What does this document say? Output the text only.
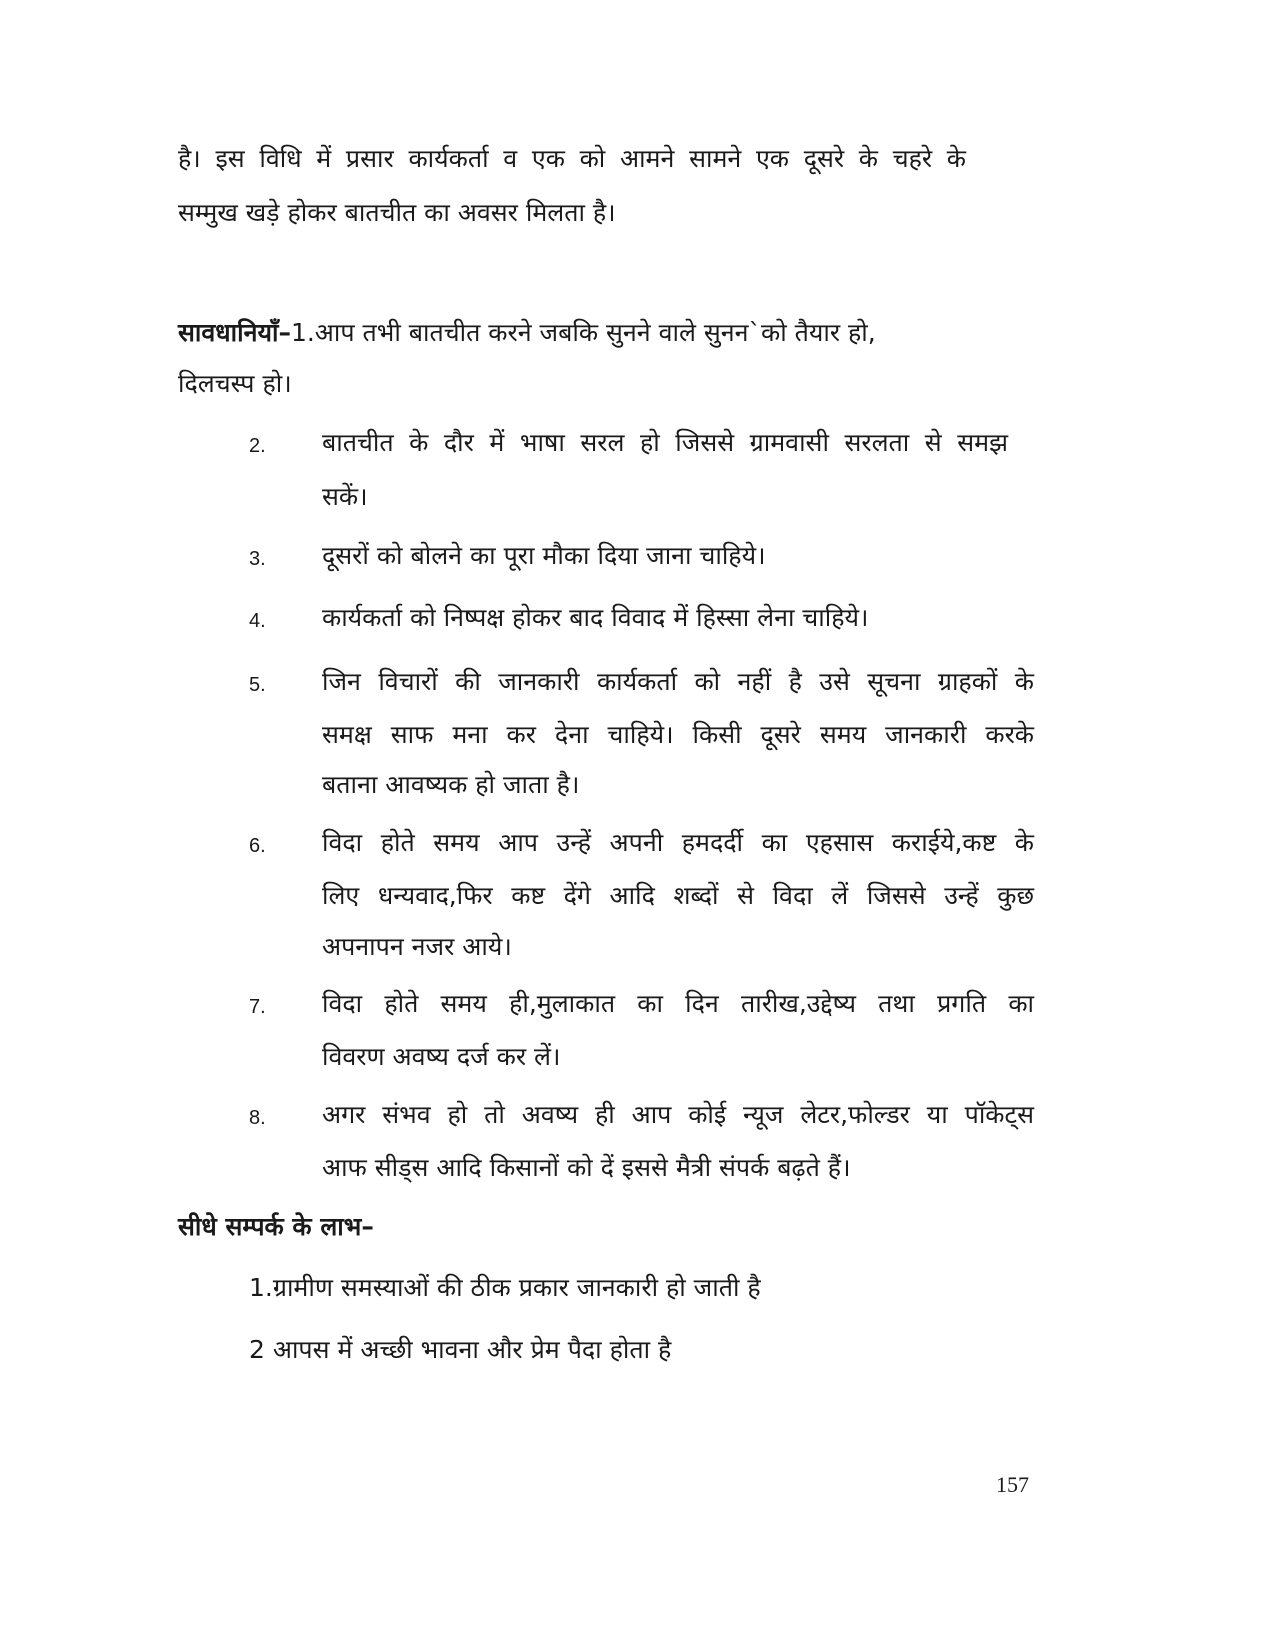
है। इस विधि में प्रसार कार्यकर्ता व एक को आमने सामने एक दूसरे के चहरे के
सम्मुख खड़े होकर बातचीत का अवसर मिलता है।
सावधानियाँ–1.आप तभी बातचीत करने जबकि सुनने वाले सुनन`को तैयार हो,
दिलचस्प हो।
2. बातचीत के दौर में भाषा सरल हो जिससे ग्रामवासी सरलता से समझ
सकें।
3. दूसरों को बोलने का पूरा मौका दिया जाना चाहिये।
4. कार्यकर्ता को निष्पक्ष होकर बाद विवाद में हिस्सा लेना चाहिये।
5. जिन विचारों की जानकारी कार्यकर्ता को नहीं है उसे सूचना ग्राहकों के
समक्ष साफ मना कर देना चाहिये। किसी दूसरे समय जानकारी करके
बताना आवष्यक हो जाता है।
6. विदा होते समय आप उन्हें अपनी हमदर्दी का एहसास कराईये,कष्ट के
लिए धन्यवाद,फिर कष्ट देंगे आदि शब्दों से विदा लें जिससे उन्हें कुछ
अपनापन नजर आये।
7. विदा होते समय ही,मुलाकात का दिन तारीख,उद्देष्य तथा प्रगति का
विवरण अवष्य दर्ज कर लें।
8. अगर संभव हो तो अवष्य ही आप कोई न्यूज लेटर,फोल्डर या पॉकेट्स
आफ सीड्स आदि किसानों को दें इससे मैत्री संपर्क बढ़ते हैं।
सीधे सम्पर्क के लाभ–
1.ग्रामीण समस्याओं की ठीक प्रकार जानकारी हो जाती है
2 आपस में अच्छी भावना और प्रेम पैदा होता है
157
